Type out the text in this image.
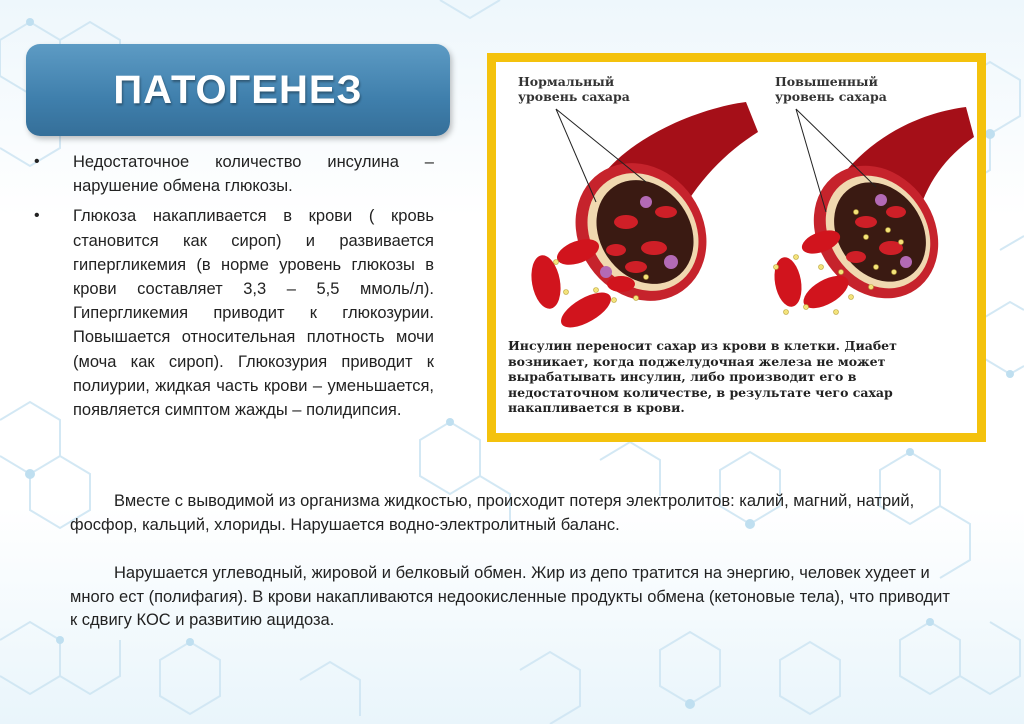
ПАТОГЕНЕЗ
• Недостаточное количество инсулина – нарушение обмена глюкозы.
• Глюкоза накапливается в крови ( кровь становится как сироп) и развивается гипергликемия (в норме уровень глюкозы в крови составляет 3,3 – 5,5 ммоль/л). Гипергликемия приводит к глюкозурии. Повышается относительная плотность мочи (моча как сироп). Глюкозурия приводит к полиурии, жидкая часть крови – уменьшается, появляется симптом жажды – полидипсия.

Вместе с выводимой из организма жидкостью, происходит потеря электролитов: калий, магний, натрий, фосфор, кальций, хлориды. Нарушается водно-электролитный баланс.

Нарушается углеводный, жировой и белковый обмен. Жир из депо тратится на энергию, человек худеет и много ест (полифагия). В крови накапливаются недоокисленные продукты обмена (кетоновые тела), что приводит к сдвигу КОС и развитию ацидоза.

Нормальный уровень сахара

Повышенный уровень сахара

Инсулин переносит сахар из крови в клетки. Диабет возникает, когда поджелудочная железа не может вырабатывать инсулин, либо производит его в недостаточном количестве, в результате чего сахар накапливается в крови.
